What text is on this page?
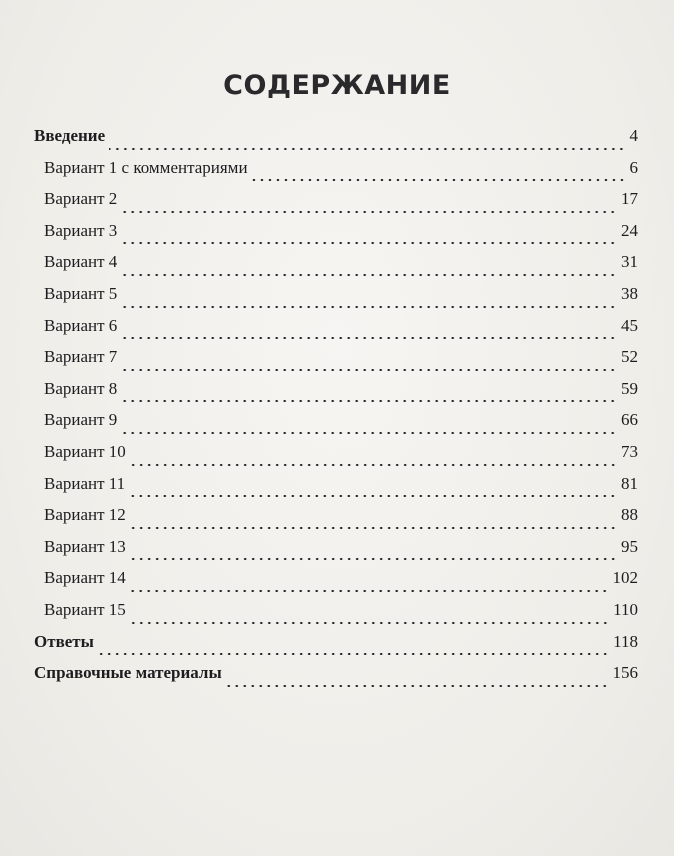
СОДЕРЖАНИЕ
Введение	4
Вариант 1 с комментариями	6
Вариант 2	17
Вариант 3	24
Вариант 4	31
Вариант 5	38
Вариант 6	45
Вариант 7	52
Вариант 8	59
Вариант 9	66
Вариант 10	73
Вариант 11	81
Вариант 12	88
Вариант 13	95
Вариант 14	102
Вариант 15	110
Ответы	118
Справочные материалы	156
